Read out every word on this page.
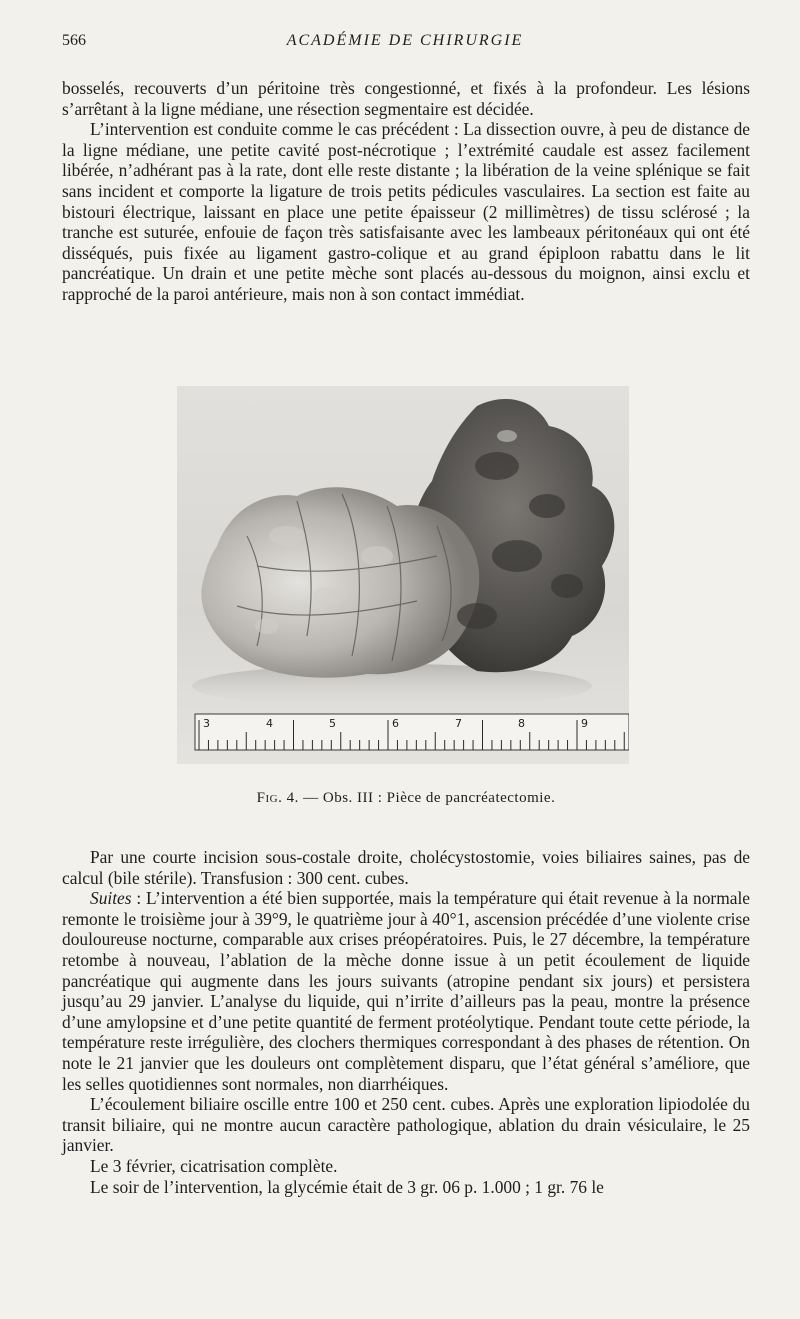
566	ACADÉMIE DE CHIRURGIE

bosselés, recouverts d’un péritoine très congestionné, et fixés à la profondeur. Les lésions s’arrêtant à la ligne médiane, une résection segmentaire est décidée.

L’intervention est conduite comme le cas précédent : La dissection ouvre, à peu de distance de la ligne médiane, une petite cavité post-nécrotique ; l’extrémité caudale est assez facilement libérée, n’adhérant pas à la rate, dont elle reste distante ; la libération de la veine splénique se fait sans incident et comporte la ligature de trois petits pédicules vasculaires. La section est faite au bistouri électrique, laissant en place une petite épaisseur (2 millimètres) de tissu sclérosé ; la tranche est suturée, enfouie de façon très satisfaisante avec les lambeaux péritonéaux qui ont été disséqués, puis fixée au ligament gastro-colique et au grand épiploon rabattu dans le lit pancréatique. Un drain et une petite mèche sont placés au-dessous du moignon, ainsi exclu et rapproché de la paroi antérieure, mais non à son contact immédiat.

3	4	5	6	7	8	9
Fig. 4. — Obs. III : Pièce de pancréatectomie.

Par une courte incision sous-costale droite, cholécystostomie, voies biliaires saines, pas de calcul (bile stérile). Transfusion : 300 cent. cubes.

Suites : L’intervention a été bien supportée, mais la température qui était revenue à la normale remonte le troisième jour à 39°9, le quatrième jour à 40°1, ascension précédée d’une violente crise douloureuse nocturne, comparable aux crises préopératoires. Puis, le 27 décembre, la température retombe à nouveau, l’ablation de la mèche donne issue à un petit écoulement de liquide pancréatique qui augmente dans les jours suivants (atropine pendant six jours) et persistera jusqu’au 29 janvier. L’analyse du liquide, qui n’irrite d’ailleurs pas la peau, montre la présence d’une amylopsine et d’une petite quantité de ferment protéolytique. Pendant toute cette période, la température reste irrégulière, des clochers thermiques correspondant à des phases de rétention. On note le 21 janvier que les douleurs ont complètement disparu, que l’état général s’améliore, que les selles quotidiennes sont normales, non diarrhéiques.

L’écoulement biliaire oscille entre 100 et 250 cent. cubes. Après une exploration lipiodolée du transit biliaire, qui ne montre aucun caractère pathologique, ablation du drain vésiculaire, le 25 janvier.

Le 3 février, cicatrisation complète.

Le soir de l’intervention, la glycémie était de 3 gr. 06 p. 1.000 ; 1 gr. 76 le
